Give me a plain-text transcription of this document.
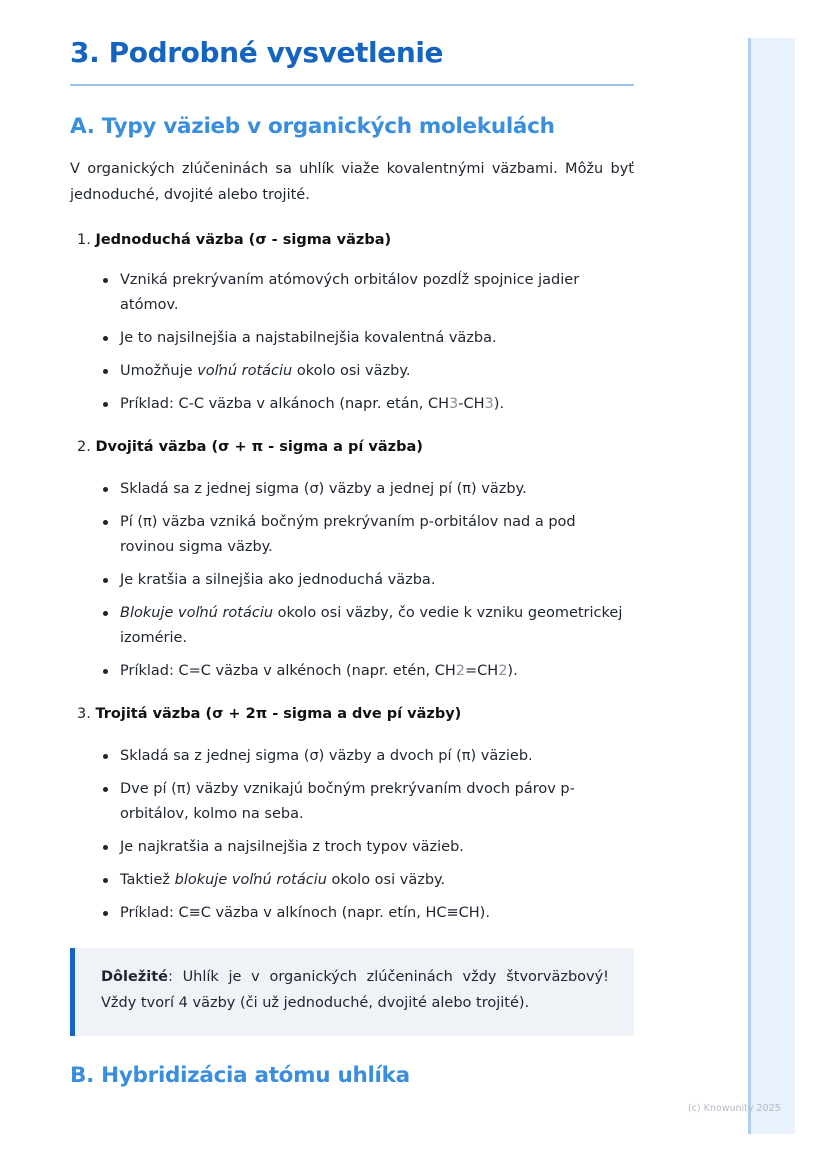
3. Podrobné vysvetlenie
A. Typy väzieb v organických molekulách

V organických zlúčeninách sa uhlík viaže kovalentnými väzbami. Môžu byť jednoduché, dvojité alebo trojité.

1. Jednoduchá väzba (σ - sigma väzba)

Vzniká prekrývaním atómových orbitálov pozdĺž spojnice jadier atómov.
Je to najsilnejšia a najstabilnejšia kovalentná väzba.
Umožňuje voľnú rotáciu okolo osi väzby.
Príklad: C-C väzba v alkánoch (napr. etán, CH3-CH3).

2. Dvojitá väzba (σ + π - sigma a pí väzba)

Skladá sa z jednej sigma (σ) väzby a jednej pí (π) väzby.
Pí (π) väzba vzniká bočným prekrývaním p-orbitálov nad a pod rovinou sigma väzby.
Je kratšia a silnejšia ako jednoduchá väzba.
Blokuje voľnú rotáciu okolo osi väzby, čo vedie k vzniku geometrickej izomérie.
Príklad: C=C väzba v alkénoch (napr. etén, CH2=CH2).

3. Trojitá väzba (σ + 2π - sigma a dve pí väzby)

Skladá sa z jednej sigma (σ) väzby a dvoch pí (π) väzieb.
Dve pí (π) väzby vznikajú bočným prekrývaním dvoch párov p-orbitálov, kolmo na seba.
Je najkratšia a najsilnejšia z troch typov väzieb.
Taktiež blokuje voľnú rotáciu okolo osi väzby.
Príklad: C≡C väzba v alkínoch (napr. etín, HC≡CH).

Dôležité: Uhlík je v organických zlúčeninách vždy štvorväzbový! Vždy tvorí 4 väzby (či už jednoduché, dvojité alebo trojité).

B. Hybridizácia atómu uhlíka
(c) Knowunity 2025
